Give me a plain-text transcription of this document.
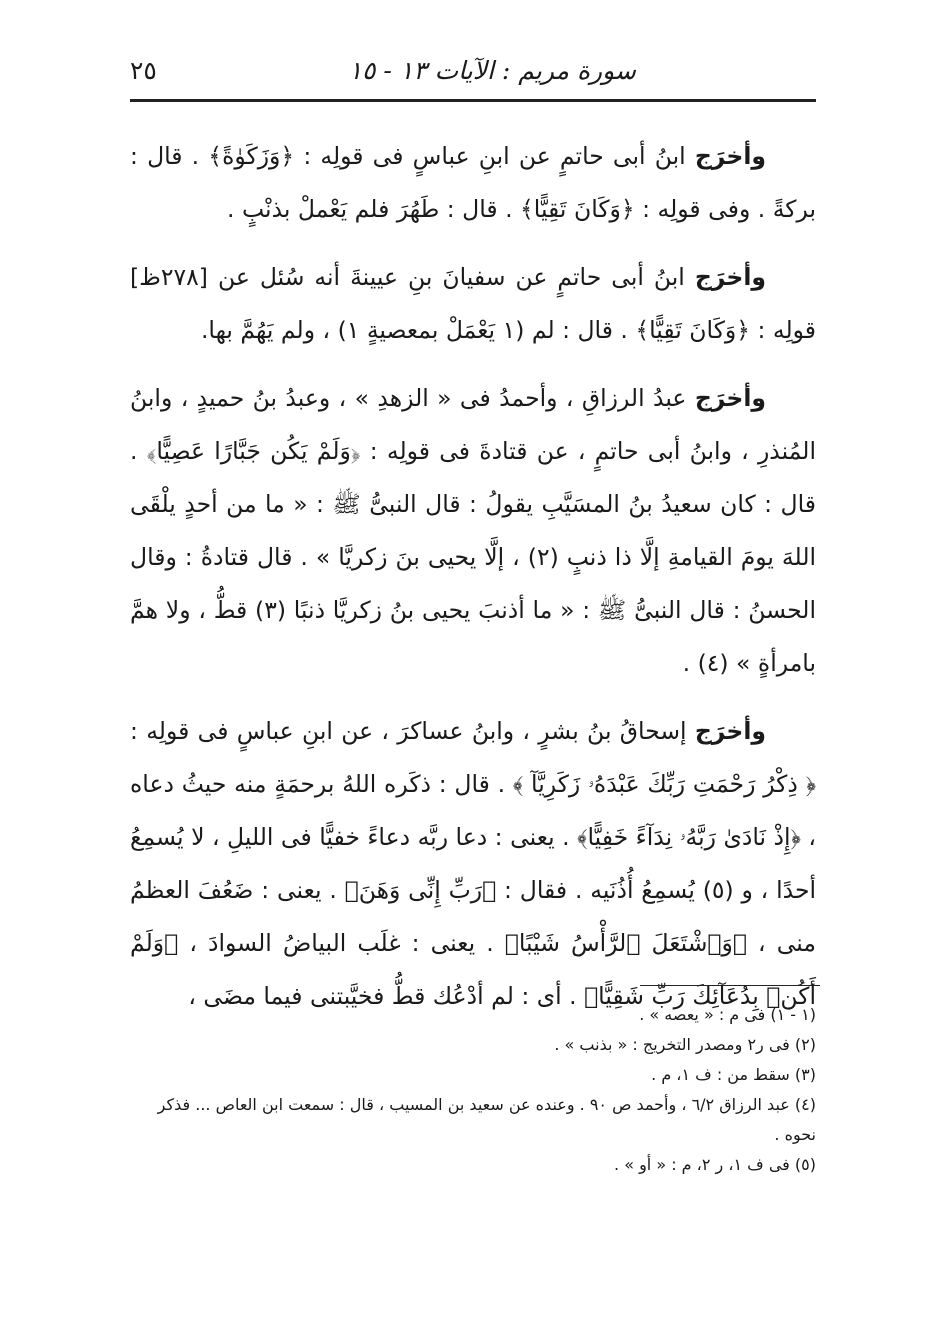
سورة مريم : الآيات ١٣ - ١٥
٢٥

وأخرَج ابنُ أبى حاتمٍ عن ابنِ عباسٍ فى قولِه : ﴿وَزَكَوٰةً﴾ . قال : بركةً . وفى قولِه : ﴿وَكَانَ تَقِيًّا﴾ . قال : طَهُرَ فلم يَعْملْ بذنْبٍ .

وأخرَج ابنُ أبى حاتمٍ عن سفيانَ بنِ عيينةَ أنه سُئل عن [٢٧٨ظ] قولِه : ﴿وَكَانَ تَقِيًّا﴾ . قال : لم (١ يَعْمَلْ بمعصيةٍ ١) ، ولم يَهُمَّ بها.

وأخرَج عبدُ الرزاقِ ، وأحمدُ فى « الزهدِ » ، وعبدُ بنُ حميدٍ ، وابنُ المُنذرِ ، وابنُ أبى حاتمٍ ، عن قتادةَ فى قولِه : ﴿وَلَمْ يَكُن جَبَّارًا عَصِيًّا﴾ . قال : كان سعيدُ بنُ المسَيَّبِ يقولُ : قال النبىُّ ﷺ : « ما من أحدٍ يلْقَى اللهَ يومَ القيامةِ إلَّا ذا ذنبٍ (٢) ، إلَّا يحيى بنَ زكريَّا » . قال قتادةُ : وقال الحسنُ : قال النبىُّ ﷺ : « ما أذنبَ يحيى بنُ زكريَّا ذنبًا (٣) قطُّ ، ولا همَّ بامرأةٍ » (٤) .

وأخرَج إسحاقُ بنُ بشرٍ ، وابنُ عساكرَ ، عن ابنِ عباسٍ فى قولِه : ﴿ ذِكْرُ رَحْمَتِ رَبِّكَ عَبْدَهُۥ زَكَرِيَّآ ﴾ . قال : ذكَره اللهُ برحمَةٍ منه حيثُ دعاه ، ﴿إِذْ نَادَىٰ رَبَّهُۥ نِدَآءً خَفِيًّا﴾ . يعنى : دعا ربَّه دعاءً خفيًّا فى الليلِ ، لا يُسمِعُ أحدًا ، و (٥) يُسمِعُ أُذُنَيه . فقال : ﴿رَبِّ إِنِّى وَهَنَ﴾ . يعنى : ضَعُفَ العظمُ منى ، ﴿وَٱشْتَعَلَ ٱلرَّأْسُ شَيْبًا﴾ . يعنى : غلَب البياضُ السوادَ ، ﴿وَلَمْ أَكُنۢ بِدُعَآئِكَ رَبِّ شَقِيًّا﴾ . أى : لم أدْعُك قطُّ فخيَّبتنى فيما مضَى ،

(١ - ١) فى م : « يعصه » .

(٢) فى ر٢ ومصدر التخريج : « بذنب » .

(٣) سقط من : ف ١، م .

(٤) عبد الرزاق ٦/٢ ، وأحمد ص ٩٠ . وعنده عن سعيد بن المسيب ، قال : سمعت ابن العاص ... فذكر نحوه .

(٥) فى ف ١، ر ٢، م : « أو » .
